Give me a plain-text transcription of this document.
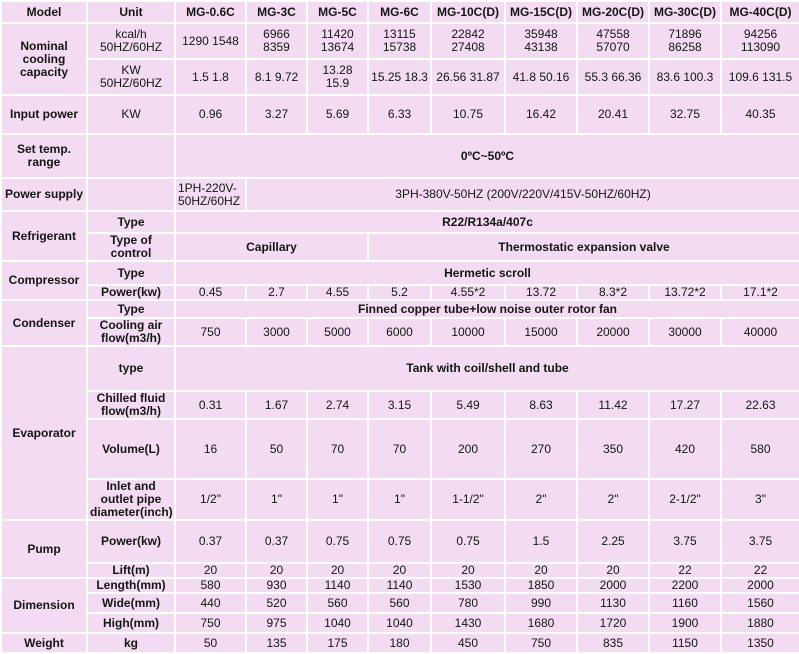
Model	Unit	MG-0.6C	MG-3C	MG-5C	MG-6C	MG-10C(D)	MG-15C(D)	MG-20C(D)	MG-30C(D)	MG-40C(D)
Nominal cooling capacity	kcal/h 50HZ/60HZ	1290 1548	6966 8359	11420 13674	13115 15738	22842 27408	35948 43138	47558 57070	71896 86258	94256 113090
	KW 50HZ/60HZ	1.5 1.8	8.1 9.72	13.28 15.9	15.25 18.3	26.56 31.87	41.8 50.16	55.3 66.36	83.6 100.3	109.6 131.5
Input power	KW	0.96	3.27	5.69	6.33	10.75	16.42	20.41	32.75	40.35
Set temp. range		0ºC~50ºC								
Power supply		1PH-220V-50HZ/60HZ	3PH-380V-50HZ (200V/220V/415V-50HZ/60HZ)							
Refrigerant	Type	R22/R134a/407c								
	Type of control	Capillary			Thermostatic expansion valve					
Compressor	Type	Hermetic scroll								
	Power(kw)	0.45	2.7	4.55	5.2	4.55*2	13.72	8.3*2	13.72*2	17.1*2
Condenser	Type	Finned copper tube+low noise outer rotor fan								
	Cooling air flow(m3/h)	750	3000	5000	6000	10000	15000	20000	30000	40000
Evaporator	type	Tank with coil/shell and tube								
	Chilled fluid flow(m3/h)	0.31	1.67	2.74	3.15	5.49	8.63	11.42	17.27	22.63
	Volume(L)	16	50	70	70	200	270	350	420	580
	Inlet and outlet pipe diameter(inch)	1/2"	1"	1"	1"	1-1/2"	2"	2"	2-1/2"	3"
Pump	Power(kw)	0.37	0.37	0.75	0.75	0.75	1.5	2.25	3.75	3.75
	Lift(m)	20	20	20	20	20	20	20	22	22
Dimension	Length(mm)	580	930	1140	1140	1530	1850	2000	2200	2000
	Wide(mm)	440	520	560	560	780	990	1130	1160	1560
	High(mm)	750	975	1040	1040	1430	1680	1720	1900	1880
Weight	kg	50	135	175	180	450	750	835	1150	1350
